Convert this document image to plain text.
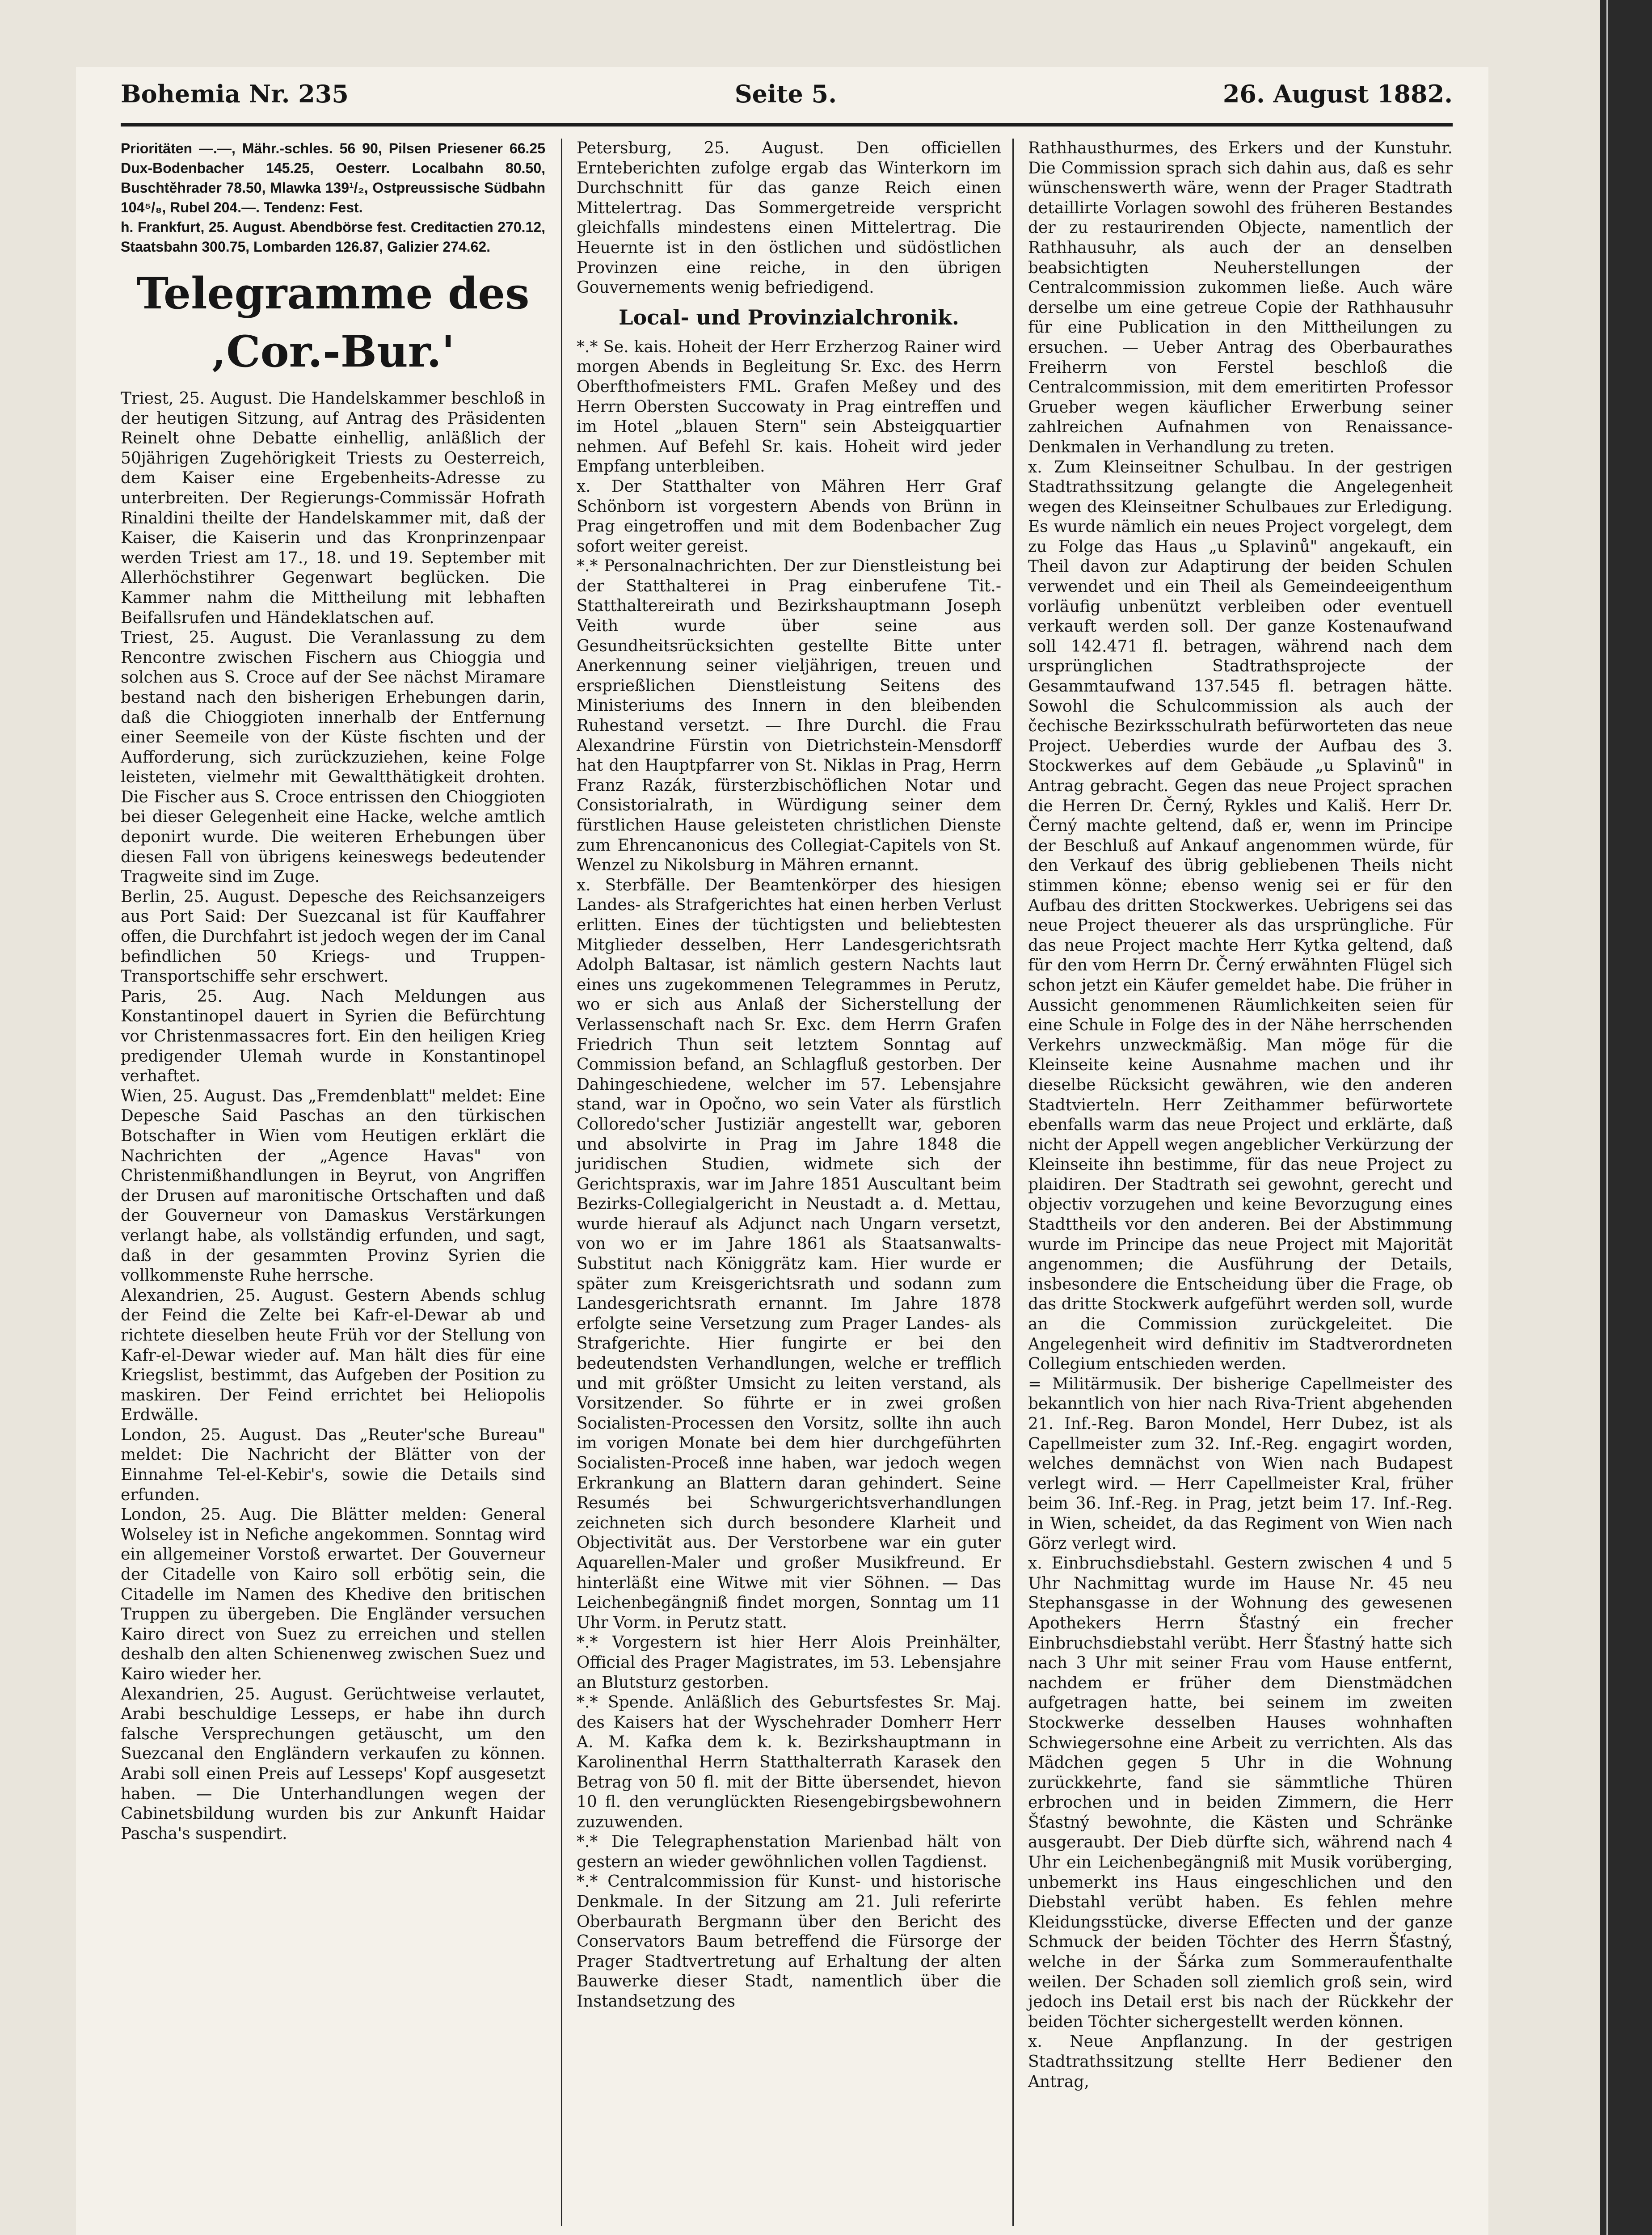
Bohemia Nr. 235	Seite 5.	26. August 1882.

Prioritäten —.—, Mähr.-schles. 56 90, Pilsen Priesener 66.25 Dux-Bodenbacher 145.25, Oesterr. Localbahn 80.50, Buschtěhrader 78.50, Mlawka 139¹/₂, Ostpreussische Südbahn 104⁵/₈, Rubel 204.—. Tendenz: Fest.

h. Frankfurt, 25. August. Abendbörse fest. Creditactien 270.12, Staatsbahn 300.75, Lombarden 126.87, Galizier 274.62.

Telegramme des ‚Cor.-Bur.'

Triest, 25. August. Die Handelskammer beschloß in der heutigen Sitzung, auf Antrag des Präsidenten Reinelt ohne Debatte einhellig, anläßlich der 50jährigen Zugehörigkeit Triests zu Oesterreich, dem Kaiser eine Ergebenheits-Adresse zu unterbreiten. Der Regierungs-Commissär Hofrath Rinaldini theilte der Handelskammer mit, daß der Kaiser, die Kaiserin und das Kronprinzenpaar werden Triest am 17., 18. und 19. September mit Allerhöchstihrer Gegenwart beglücken. Die Kammer nahm die Mittheilung mit lebhaften Beifallsrufen und Händeklatschen auf.

Triest, 25. August. Die Veranlassung zu dem Rencontre zwischen Fischern aus Chioggia und solchen aus S. Croce auf der See nächst Miramare bestand nach den bisherigen Erhebungen darin, daß die Chioggioten innerhalb der Entfernung einer Seemeile von der Küste fischten und der Aufforderung, sich zurückzuziehen, keine Folge leisteten, vielmehr mit Gewaltthätigkeit drohten. Die Fischer aus S. Croce entrissen den Chioggioten bei dieser Gelegenheit eine Hacke, welche amtlich deponirt wurde. Die weiteren Erhebungen über diesen Fall von übrigens keineswegs bedeutender Tragweite sind im Zuge.

Berlin, 25. August. Depesche des Reichsanzeigers aus Port Said: Der Suezcanal ist für Kauffahrer offen, die Durchfahrt ist jedoch wegen der im Canal befindlichen 50 Kriegs- und Truppen-Transportschiffe sehr erschwert.

Paris, 25. Aug. Nach Meldungen aus Konstantinopel dauert in Syrien die Befürchtung vor Christenmassacres fort. Ein den heiligen Krieg predigender Ulemah wurde in Konstantinopel verhaftet.

Wien, 25. August. Das „Fremdenblatt" meldet: Eine Depesche Said Paschas an den türkischen Botschafter in Wien vom Heutigen erklärt die Nachrichten der „Agence Havas" von Christenmißhandlungen in Beyrut, von Angriffen der Drusen auf maronitische Ortschaften und daß der Gouverneur von Damaskus Verstärkungen verlangt habe, als vollständig erfunden, und sagt, daß in der gesammten Provinz Syrien die vollkommenste Ruhe herrsche.

Alexandrien, 25. August. Gestern Abends schlug der Feind die Zelte bei Kafr-el-Dewar ab und richtete dieselben heute Früh vor der Stellung von Kafr-el-Dewar wieder auf. Man hält dies für eine Kriegslist, bestimmt, das Aufgeben der Position zu maskiren. Der Feind errichtet bei Heliopolis Erdwälle.

London, 25. August. Das „Reuter'sche Bureau" meldet: Die Nachricht der Blätter von der Einnahme Tel-el-Kebir's, sowie die Details sind erfunden.

London, 25. Aug. Die Blätter melden: General Wolseley ist in Nefiche angekommen. Sonntag wird ein allgemeiner Vorstoß erwartet. Der Gouverneur der Citadelle von Kairo soll erbötig sein, die Citadelle im Namen des Khedive den britischen Truppen zu übergeben. Die Engländer versuchen Kairo direct von Suez zu erreichen und stellen deshalb den alten Schienenweg zwischen Suez und Kairo wieder her.

Alexandrien, 25. August. Gerüchtweise verlautet, Arabi beschuldige Lesseps, er habe ihn durch falsche Versprechungen getäuscht, um den Suezcanal den Engländern verkaufen zu können. Arabi soll einen Preis auf Lesseps' Kopf ausgesetzt haben. — Die Unterhandlungen wegen der Cabinetsbildung wurden bis zur Ankunft Haidar Pascha's suspendirt.

Petersburg, 25. August. Den officiellen Ernteberichten zufolge ergab das Winterkorn im Durchschnitt für das ganze Reich einen Mittelertrag. Das Sommergetreide verspricht gleichfalls mindestens einen Mittelertrag. Die Heuernte ist in den östlichen und südöstlichen Provinzen eine reiche, in den übrigen Gouvernements wenig befriedigend.

Local- und Provinzialchronik.

*.* Se. kais. Hoheit der Herr Erzherzog Rainer wird morgen Abends in Begleitung Sr. Exc. des Herrn Oberfthofmeisters FML. Grafen Meßey und des Herrn Obersten Succowaty in Prag eintreffen und im Hotel „blauen Stern" sein Absteigquartier nehmen. Auf Befehl Sr. kais. Hoheit wird jeder Empfang unterbleiben.

x. Der Statthalter von Mähren Herr Graf Schönborn ist vorgestern Abends von Brünn in Prag eingetroffen und mit dem Bodenbacher Zug sofort weiter gereist.

*.* Personalnachrichten. Der zur Dienstleistung bei der Statthalterei in Prag einberufene Tit.-Statthaltereirath und Bezirkshauptmann Joseph Veith wurde über seine aus Gesundheitsrücksichten gestellte Bitte unter Anerkennung seiner vieljährigen, treuen und ersprießlichen Dienstleistung Seitens des Ministeriums des Innern in den bleibenden Ruhestand versetzt. — Ihre Durchl. die Frau Alexandrine Fürstin von Dietrichstein-Mensdorff hat den Hauptpfarrer von St. Niklas in Prag, Herrn Franz Razák, fürsterzbischöflichen Notar und Consistorialrath, in Würdigung seiner dem fürstlichen Hause geleisteten christlichen Dienste zum Ehrencanonicus des Collegiat-Capitels von St. Wenzel zu Nikolsburg in Mähren ernannt.

x. Sterbfälle. Der Beamtenkörper des hiesigen Landes- als Strafgerichtes hat einen herben Verlust erlitten. Eines der tüchtigsten und beliebtesten Mitglieder desselben, Herr Landesgerichtsrath Adolph Baltasar, ist nämlich gestern Nachts laut eines uns zugekommenen Telegrammes in Perutz, wo er sich aus Anlaß der Sicherstellung der Verlassenschaft nach Sr. Exc. dem Herrn Grafen Friedrich Thun seit letztem Sonntag auf Commission befand, an Schlagfluß gestorben. Der Dahingeschiedene, welcher im 57. Lebensjahre stand, war in Opočno, wo sein Vater als fürstlich Colloredo'scher Justiziär angestellt war, geboren und absolvirte in Prag im Jahre 1848 die juridischen Studien, widmete sich der Gerichtspraxis, war im Jahre 1851 Auscultant beim Bezirks-Collegialgericht in Neustadt a. d. Mettau, wurde hierauf als Adjunct nach Ungarn versetzt, von wo er im Jahre 1861 als Staatsanwalts-Substitut nach Königgrätz kam. Hier wurde er später zum Kreisgerichtsrath und sodann zum Landesgerichtsrath ernannt. Im Jahre 1878 erfolgte seine Versetzung zum Prager Landes- als Strafgerichte. Hier fungirte er bei den bedeutendsten Verhandlungen, welche er trefflich und mit größter Umsicht zu leiten verstand, als Vorsitzender. So führte er in zwei großen Socialisten-Processen den Vorsitz, sollte ihn auch im vorigen Monate bei dem hier durchgeführten Socialisten-Proceß inne haben, war jedoch wegen Erkrankung an Blattern daran gehindert. Seine Resumés bei Schwurgerichtsverhandlungen zeichneten sich durch besondere Klarheit und Objectivität aus. Der Verstorbene war ein guter Aquarellen-Maler und großer Musikfreund. Er hinterläßt eine Witwe mit vier Söhnen. — Das Leichenbegängniß findet morgen, Sonntag um 11 Uhr Vorm. in Perutz statt.

*.* Vorgestern ist hier Herr Alois Preinhälter, Official des Prager Magistrates, im 53. Lebensjahre an Blutsturz gestorben.

*.* Spende. Anläßlich des Geburtsfestes Sr. Maj. des Kaisers hat der Wyschehrader Domherr Herr A. M. Kafka dem k. k. Bezirkshauptmann in Karolinenthal Herrn Statthalterrath Karasek den Betrag von 50 fl. mit der Bitte übersendet, hievon 10 fl. den verunglückten Riesengebirgsbewohnern zuzuwenden.

*.* Die Telegraphenstation Marienbad hält von gestern an wieder gewöhnlichen vollen Tagdienst.

*.* Centralcommission für Kunst- und historische Denkmale. In der Sitzung am 21. Juli referirte Oberbaurath Bergmann über den Bericht des Conservators Baum betreffend die Fürsorge der Prager Stadtvertretung auf Erhaltung der alten Bauwerke dieser Stadt, namentlich über die Instandsetzung des

Rathhausthurmes, des Erkers und der Kunstuhr. Die Commission sprach sich dahin aus, daß es sehr wünschenswerth wäre, wenn der Prager Stadtrath detaillirte Vorlagen sowohl des früheren Bestandes der zu restaurirenden Objecte, namentlich der Rathhausuhr, als auch der an denselben beabsichtigten Neuherstellungen der Centralcommission zukommen ließe. Auch wäre derselbe um eine getreue Copie der Rathhausuhr für eine Publication in den Mittheilungen zu ersuchen. — Ueber Antrag des Oberbaurathes Freiherrn von Ferstel beschloß die Centralcommission, mit dem emeritirten Professor Grueber wegen käuflicher Erwerbung seiner zahlreichen Aufnahmen von Renaissance-Denkmalen in Verhandlung zu treten.

x. Zum Kleinseitner Schulbau. In der gestrigen Stadtrathssitzung gelangte die Angelegenheit wegen des Kleinseitner Schulbaues zur Erledigung. Es wurde nämlich ein neues Project vorgelegt, dem zu Folge das Haus „u Splavinů" angekauft, ein Theil davon zur Adaptirung der beiden Schulen verwendet und ein Theil als Gemeindeeigenthum vorläufig unbenützt verbleiben oder eventuell verkauft werden soll. Der ganze Kostenaufwand soll 142.471 fl. betragen, während nach dem ursprünglichen Stadtrathsprojecte der Gesammtaufwand 137.545 fl. betragen hätte. Sowohl die Schulcommission als auch der čechische Bezirksschulrath befürworteten das neue Project. Ueberdies wurde der Aufbau des 3. Stockwerkes auf dem Gebäude „u Splavinů" in Antrag gebracht. Gegen das neue Project sprachen die Herren Dr. Černý, Rykles und Kališ. Herr Dr. Černý machte geltend, daß er, wenn im Principe der Beschluß auf Ankauf angenommen würde, für den Verkauf des übrig gebliebenen Theils nicht stimmen könne; ebenso wenig sei er für den Aufbau des dritten Stockwerkes. Uebrigens sei das neue Project theuerer als das ursprüngliche. Für das neue Project machte Herr Kytka geltend, daß für den vom Herrn Dr. Černý erwähnten Flügel sich schon jetzt ein Käufer gemeldet habe. Die früher in Aussicht genommenen Räumlichkeiten seien für eine Schule in Folge des in der Nähe herrschenden Verkehrs unzweckmäßig. Man möge für die Kleinseite keine Ausnahme machen und ihr dieselbe Rücksicht gewähren, wie den anderen Stadtvierteln. Herr Zeithammer befürwortete ebenfalls warm das neue Project und erklärte, daß nicht der Appell wegen angeblicher Verkürzung der Kleinseite ihn bestimme, für das neue Project zu plaidiren. Der Stadtrath sei gewohnt, gerecht und objectiv vorzugehen und keine Bevorzugung eines Stadttheils vor den anderen. Bei der Abstimmung wurde im Principe das neue Project mit Majorität angenommen; die Ausführung der Details, insbesondere die Entscheidung über die Frage, ob das dritte Stockwerk aufgeführt werden soll, wurde an die Commission zurückgeleitet. Die Angelegenheit wird definitiv im Stadtverordneten Collegium entschieden werden.

= Militärmusik. Der bisherige Capellmeister des bekanntlich von hier nach Riva-Trient abgehenden 21. Inf.-Reg. Baron Mondel, Herr Dubez, ist als Capellmeister zum 32. Inf.-Reg. engagirt worden, welches demnächst von Wien nach Budapest verlegt wird. — Herr Capellmeister Kral, früher beim 36. Inf.-Reg. in Prag, jetzt beim 17. Inf.-Reg. in Wien, scheidet, da das Regiment von Wien nach Görz verlegt wird.

x. Einbruchsdiebstahl. Gestern zwischen 4 und 5 Uhr Nachmittag wurde im Hause Nr. 45 neu Stephansgasse in der Wohnung des gewesenen Apothekers Herrn Šťastný ein frecher Einbruchsdiebstahl verübt. Herr Šťastný hatte sich nach 3 Uhr mit seiner Frau vom Hause entfernt, nachdem er früher dem Dienstmädchen aufgetragen hatte, bei seinem im zweiten Stockwerke desselben Hauses wohnhaften Schwiegersohne eine Arbeit zu verrichten. Als das Mädchen gegen 5 Uhr in die Wohnung zurückkehrte, fand sie sämmtliche Thüren erbrochen und in beiden Zimmern, die Herr Šťastný bewohnte, die Kästen und Schränke ausgeraubt. Der Dieb dürfte sich, während nach 4 Uhr ein Leichenbegängniß mit Musik vorüberging, unbemerkt ins Haus eingeschlichen und den Diebstahl verübt haben. Es fehlen mehre Kleidungsstücke, diverse Effecten und der ganze Schmuck der beiden Töchter des Herrn Šťastný, welche in der Šárka zum Sommeraufenthalte weilen. Der Schaden soll ziemlich groß sein, wird jedoch ins Detail erst bis nach der Rückkehr der beiden Töchter sichergestellt werden können.

x. Neue Anpflanzung. In der gestrigen Stadtrathssitzung stellte Herr Bediener den Antrag,
